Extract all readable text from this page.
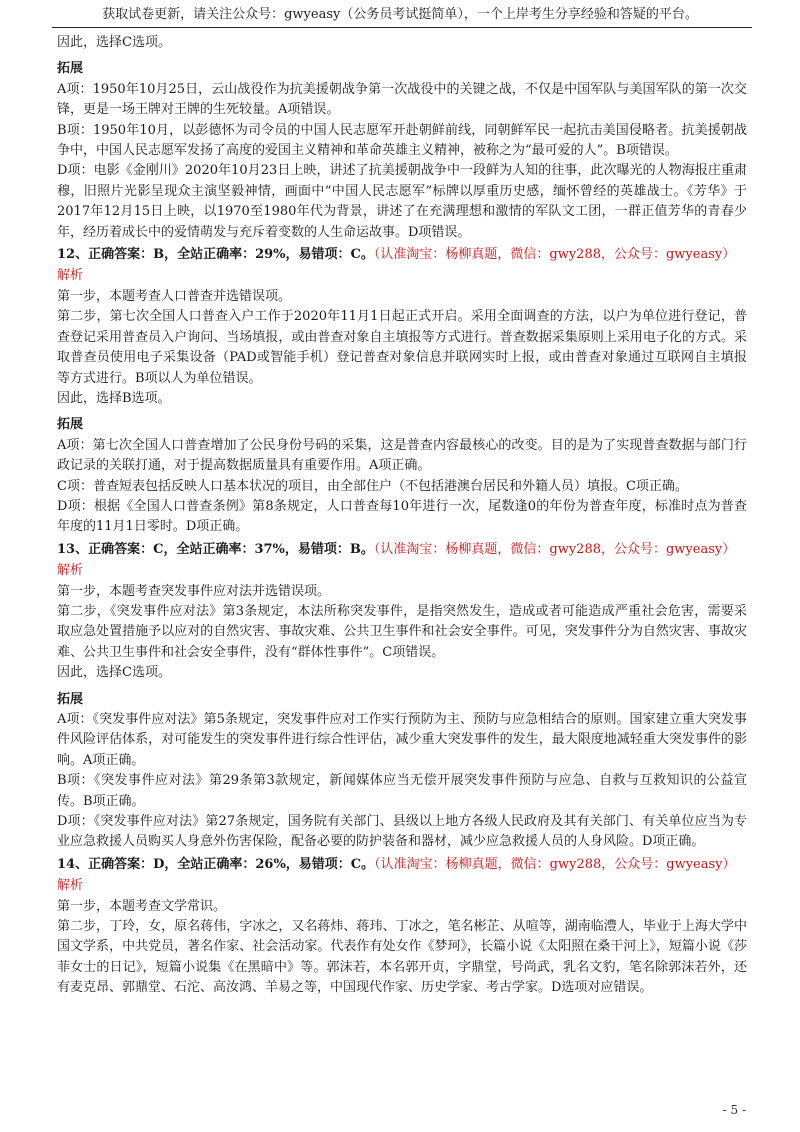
获取试卷更新，请关注公众号：gwyeasy（公务员考试挺简单），一个上岸考生分享经验和答疑的平台。

因此，选择C选项。

拓展

A项：1950年10月25日，云山战役作为抗美援朝战争第一次战役中的关键之战，不仅是中国军队与美国军队的第一次交锋，更是一场王牌对王牌的生死较量。A项错误。

B项：1950年10月，以彭德怀为司令员的中国人民志愿军开赴朝鲜前线，同朝鲜军民一起抗击美国侵略者。抗美援朝战争中，中国人民志愿军发扬了高度的爱国主义精神和革命英雄主义精神，被称之为“最可爱的人”。B项错误。

D项：电影《金刚川》2020年10月23日上映，讲述了抗美援朝战争中一段鲜为人知的往事，此次曝光的人物海报庄重肃穆，旧照片光影呈现众主演坚毅神情，画面中“中国人民志愿军”标牌以厚重历史感，缅怀曾经的英雄战士。《芳华》于2017年12月15日上映，以1970至1980年代为背景，讲述了在充满理想和激情的军队文工团，一群正值芳华的青春少年，经历着成长中的爱情萌发与充斥着变数的人生命运故事。D项错误。

12、正确答案：B，全站正确率：29%，易错项：C。（认准淘宝：杨柳真题，微信：gwy288，公众号：gwyeasy）

解析

第一步，本题考查人口普查并选错误项。

第二步，第七次全国人口普查入户工作于2020年11月1日起正式开启。采用全面调查的方法，以户为单位进行登记，普查登记采用普查员入户询问、当场填报，或由普查对象自主填报等方式进行。普查数据采集原则上采用电子化的方式。采取普查员使用电子采集设备（PAD或智能手机）登记普查对象信息并联网实时上报，或由普查对象通过互联网自主填报等方式进行。B项以人为单位错误。

因此，选择B选项。

拓展

A项：第七次全国人口普查增加了公民身份号码的采集，这是普查内容最核心的改变。目的是为了实现普查数据与部门行政记录的关联打通，对于提高数据质量具有重要作用。A项正确。

C项：普查短表包括反映人口基本状况的项目，由全部住户（不包括港澳台居民和外籍人员）填报。C项正确。

D项：根据《全国人口普查条例》第8条规定，人口普查每10年进行一次，尾数逢0的年份为普查年度，标准时点为普查年度的11月1日零时。D项正确。

13、正确答案：C，全站正确率：37%，易错项：B。（认准淘宝：杨柳真题，微信：gwy288，公众号：gwyeasy）

解析

第一步，本题考查突发事件应对法并选错误项。

第二步，《突发事件应对法》第3条规定，本法所称突发事件，是指突然发生，造成或者可能造成严重社会危害，需要采取应急处置措施予以应对的自然灾害、事故灾难、公共卫生事件和社会安全事件。可见，突发事件分为自然灾害、事故灾难、公共卫生事件和社会安全事件，没有“群体性事件”。C项错误。

因此，选择C选项。

拓展

A项：《突发事件应对法》第5条规定，突发事件应对工作实行预防为主、预防与应急相结合的原则。国家建立重大突发事件风险评估体系，对可能发生的突发事件进行综合性评估，减少重大突发事件的发生，最大限度地减轻重大突发事件的影响。A项正确。

B项：《突发事件应对法》第29条第3款规定，新闻媒体应当无偿开展突发事件预防与应急、自救与互救知识的公益宣传。B项正确。

D项：《突发事件应对法》第27条规定，国务院有关部门、县级以上地方各级人民政府及其有关部门、有关单位应当为专业应急救援人员购买人身意外伤害保险，配备必要的防护装备和器材，减少应急救援人员的人身风险。D项正确。

14、正确答案：D，全站正确率：26%，易错项：C。（认准淘宝：杨柳真题，微信：gwy288，公众号：gwyeasy）

解析

第一步，本题考查文学常识。

第二步，丁玲，女，原名蒋伟，字冰之，又名蒋炜、蒋玮、丁冰之，笔名彬芷、从喧等，湖南临澧人，毕业于上海大学中国文学系，中共党员，著名作家、社会活动家。代表作有处女作《梦珂》，长篇小说《太阳照在桑干河上》，短篇小说《莎菲女士的日记》，短篇小说集《在黑暗中》等。郭沫若，本名郭开贞，字鼎堂，号尚武，乳名文豹，笔名除郭沫若外，还有麦克昂、郭鼎堂、石沱、高汝鸿、羊易之等，中国现代作家、历史学家、考古学家。D选项对应错误。

- 5 -
